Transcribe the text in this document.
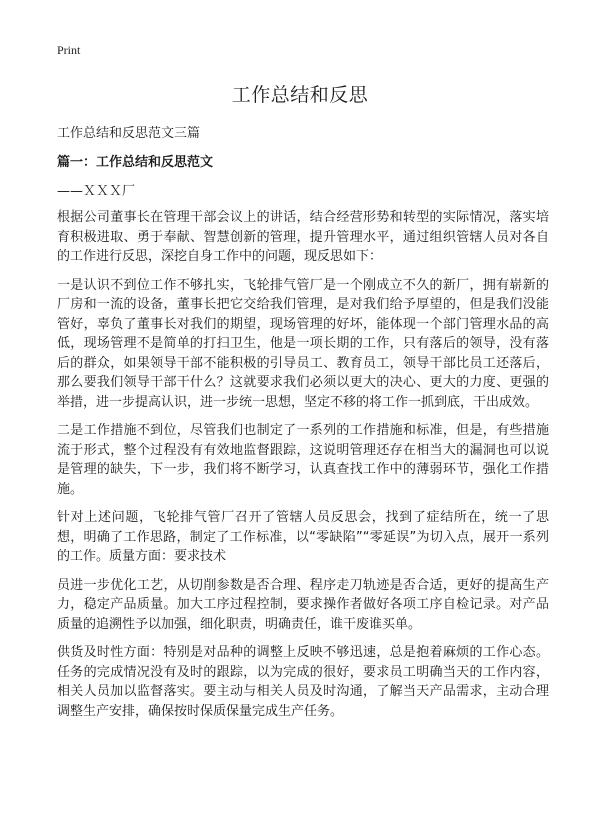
Print
工作总结和反思
工作总结和反思范文三篇
篇一：工作总结和反思范文
——ＸＸＸ厂

根据公司董事长在管理干部会议上的讲话，结合经营形势和转型的实际情况，落实培育积极进取、勇于奉献、智慧创新的管理，提升管理水平，通过组织管辖人员对各自的工作进行反思，深挖自身工作中的问题，现反思如下：

一是认识不到位工作不够扎实，飞轮排气管厂是一个刚成立不久的新厂，拥有崭新的厂房和一流的设备，董事长把它交给我们管理，是对我们给予厚望的，但是我们没能管好，辜负了董事长对我们的期望，现场管理的好坏，能体现一个部门管理水品的高低，现场管理不是简单的打扫卫生，他是一项长期的工作，只有落后的领导，没有落后的群众，如果领导干部不能积极的引导员工、教育员工，领导干部比员工还落后，那么要我们领导干部干什么？这就要求我们必须以更大的决心、更大的力度、更强的举措，进一步提高认识，进一步统一思想，坚定不移的将工作一抓到底，干出成效。

二是工作措施不到位，尽管我们也制定了一系列的工作措施和标准，但是，有些措施流于形式，整个过程没有有效地监督跟踪，这说明管理还存在相当大的漏洞也可以说是管理的缺失，下一步，我们将不断学习，认真查找工作中的薄弱环节，强化工作措施。

针对上述问题，飞轮排气管厂召开了管辖人员反思会，找到了症结所在，统一了思想，明确了工作思路，制定了工作标准，以“零缺陷”“零延误”为切入点，展开一系列的工作。质量方面：要求技术

员进一步优化工艺，从切削参数是否合理、程序走刀轨迹是否合适，更好的提高生产力，稳定产品质量。加大工序过程控制，要求操作者做好各项工序自检记录。对产品质量的追溯性予以加强，细化职责，明确责任，谁干废谁买单。

供货及时性方面：特别是对品种的调整上反映不够迅速，总是抱着麻烦的工作心态。任务的完成情况没有及时的跟踪，以为完成的很好，要求员工明确当天的工作内容，相关人员加以监督落实。要主动与相关人员及时沟通，了解当天产品需求，主动合理调整生产安排，确保按时保质保量完成生产任务。
